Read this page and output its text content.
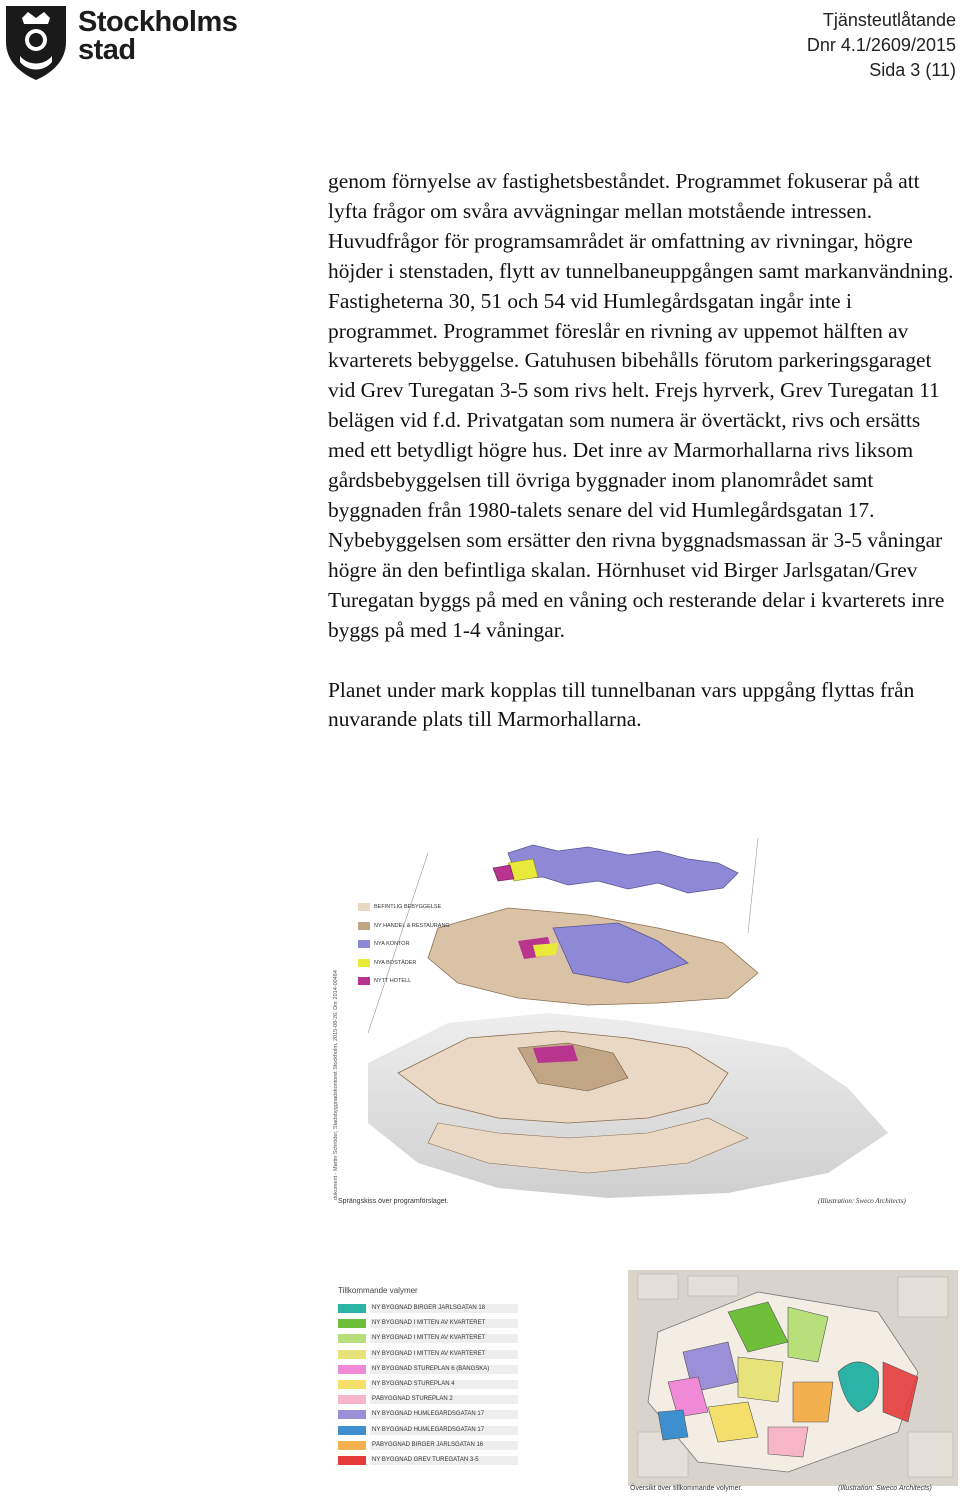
Stockholms
stad
Tjänsteutlåtande
Dnr 4.1/2609/2015
Sida 3 (11)

genom förnyelse av fastighetsbeståndet. Programmet fokuserar på att lyfta frågor om svåra avvägningar mellan motstående intressen. Huvudfrågor för programsamrådet är omfattning av rivningar, högre höjder i stenstaden, flytt av tunnelbaneuppgången samt markanvändning. Fastigheterna 30, 51 och 54 vid Humlegårdsgatan ingår inte i programmet. Programmet föreslår en rivning av uppemot hälften av kvarterets bebyggelse. Gatuhusen bibehålls förutom parkeringsgaraget vid Grev Turegatan 3-5 som rivs helt. Frejs hyrverk, Grev Turegatan 11 belägen vid f.d. Privatgatan som numera är övertäckt, rivs och ersätts med ett betydligt högre hus. Det inre av Marmorhallarna rivs liksom gårdsbebyggelsen till övriga byggnader inom planområdet samt byggnaden från 1980-talets senare del vid Humlegårdsgatan 17. Nybebyggelsen som ersätter den rivna byggnadsmassan är 3-5 våningar högre än den befintliga skalan. Hörnhuset vid Birger Jarlsgatan/Grev Turegatan byggs på med en våning och resterande delar i kvarterets inre byggs på med 1-4 våningar.

Planet under mark kopplas till tunnelbanan vars uppgång flyttas från nuvarande plats till Marmorhallarna.

Sprängskiss över programförslaget.	(Illustration: Sweco Architects)
dokument - Martin Schröder, Stadsbyggnadskontoret Stockholm, 2015-08-26, Dnr 2014-00484
BEFINTLIG BEBYGGELSE
NY HANDEL & RESTAURANG
NYA KONTOR
NYA BOSTÄDER
NYTT HOTELL
Översikt över tillkommande volymer.	(Illustration: Sweco Architects)
Tillkommande valymer
NY BYGGNAD BIRGER JARLSGATAN 18
NY BYGGNAD I MITTEN AV KVARTERET
NY BYGGNAD I MITTEN AV KVARTERET
NY BYGGNAD I MITTEN AV KVARTERET
NY BYGGNAD STUREPLAN 6 (BÅNGSKA)
NY BYGGNAD STUREPLAN 4
PÅBYGGNAD STUREPLAN 2
NY BYGGNAD HUMLEGÅRDSGATAN 17
NY BYGGNAD HUMLEGÅRDSGATAN 17
PÅBYGGNAD BIRGER JARLSGATAN 16
NY BYGGNAD GREV TUREGATAN 3-5
